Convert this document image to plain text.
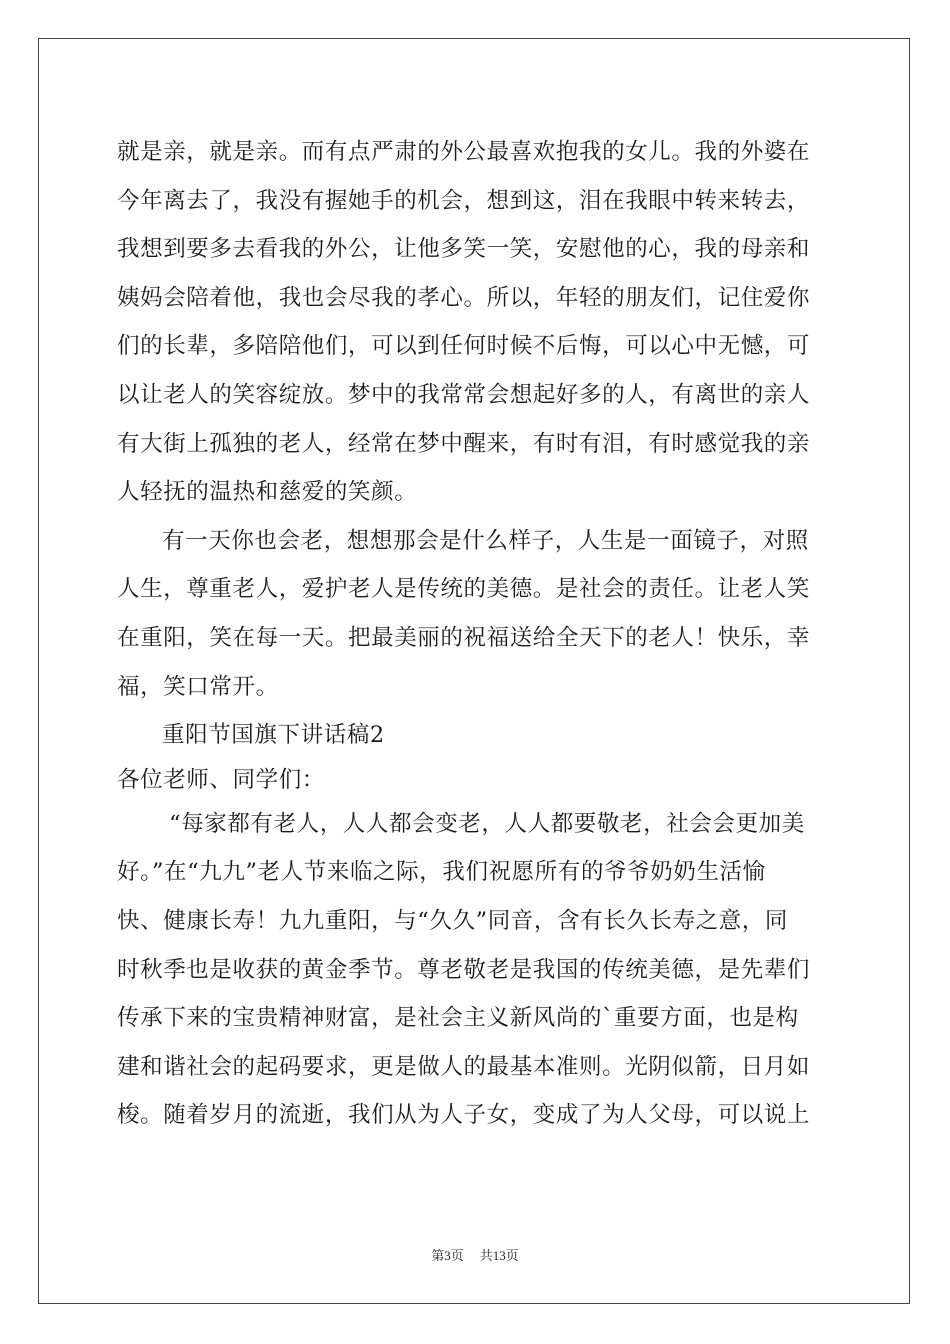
就是亲，就是亲。而有点严肃的外公最喜欢抱我的女儿。我的外婆在
今年离去了，我没有握她手的机会，想到这，泪在我眼中转来转去，
我想到要多去看我的外公，让他多笑一笑，安慰他的心，我的母亲和
姨妈会陪着他，我也会尽我的孝心。所以，年轻的朋友们，记住爱你
们的长辈，多陪陪他们，可以到任何时候不后悔，可以心中无憾，可
以让老人的笑容绽放。梦中的我常常会想起好多的人，有离世的亲人
有大街上孤独的老人，经常在梦中醒来，有时有泪，有时感觉我的亲
人轻抚的温热和慈爱的笑颜。
有一天你也会老，想想那会是什么样子，人生是一面镜子，对照
人生，尊重老人，爱护老人是传统的美德。是社会的责任。让老人笑
在重阳，笑在每一天。把最美丽的祝福送给全天下的老人！快乐，幸
福，笑口常开。
重阳节国旗下讲话稿2
各位老师、同学们：
“每家都有老人，人人都会变老，人人都要敬老，社会会更加美
好。”在“九九”老人节来临之际，我们祝愿所有的爷爷奶奶生活愉
快、健康长寿！九九重阳，与“久久”同音，含有长久长寿之意，同
时秋季也是收获的黄金季节。尊老敬老是我国的传统美德，是先辈们
传承下来的宝贵精神财富，是社会主义新风尚的`重要方面，也是构
建和谐社会的起码要求，更是做人的最基本准则。光阴似箭，日月如
梭。随着岁月的流逝，我们从为人子女，变成了为人父母，可以说上
第3页 共13页
